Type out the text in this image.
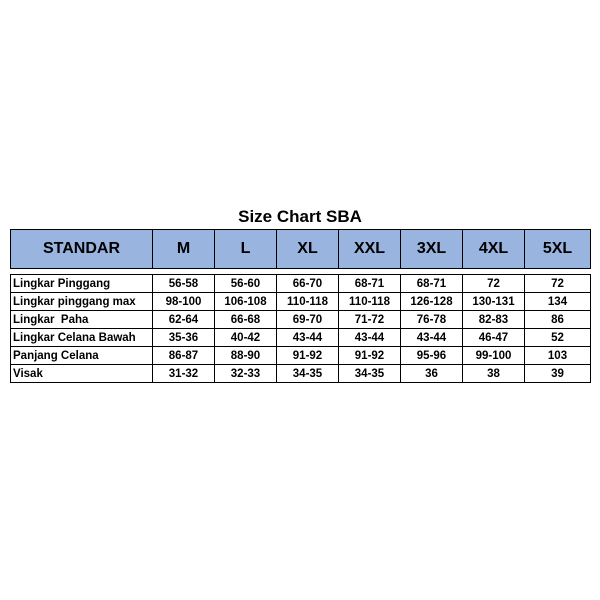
Size Chart SBA
STANDAR	M	L	XL	XXL	3XL	4XL	5XL

Lingkar Pinggang	56-58	56-60	66-70	68-71	68-71	72	72
Lingkar pinggang max	98-100	106-108	110-118	110-118	126-128	130-131	134
Lingkar  Paha	62-64	66-68	69-70	71-72	76-78	82-83	86
Lingkar Celana Bawah	35-36	40-42	43-44	43-44	43-44	46-47	52
Panjang Celana	86-87	88-90	91-92	91-92	95-96	99-100	103
Visak	31-32	32-33	34-35	34-35	36	38	39
